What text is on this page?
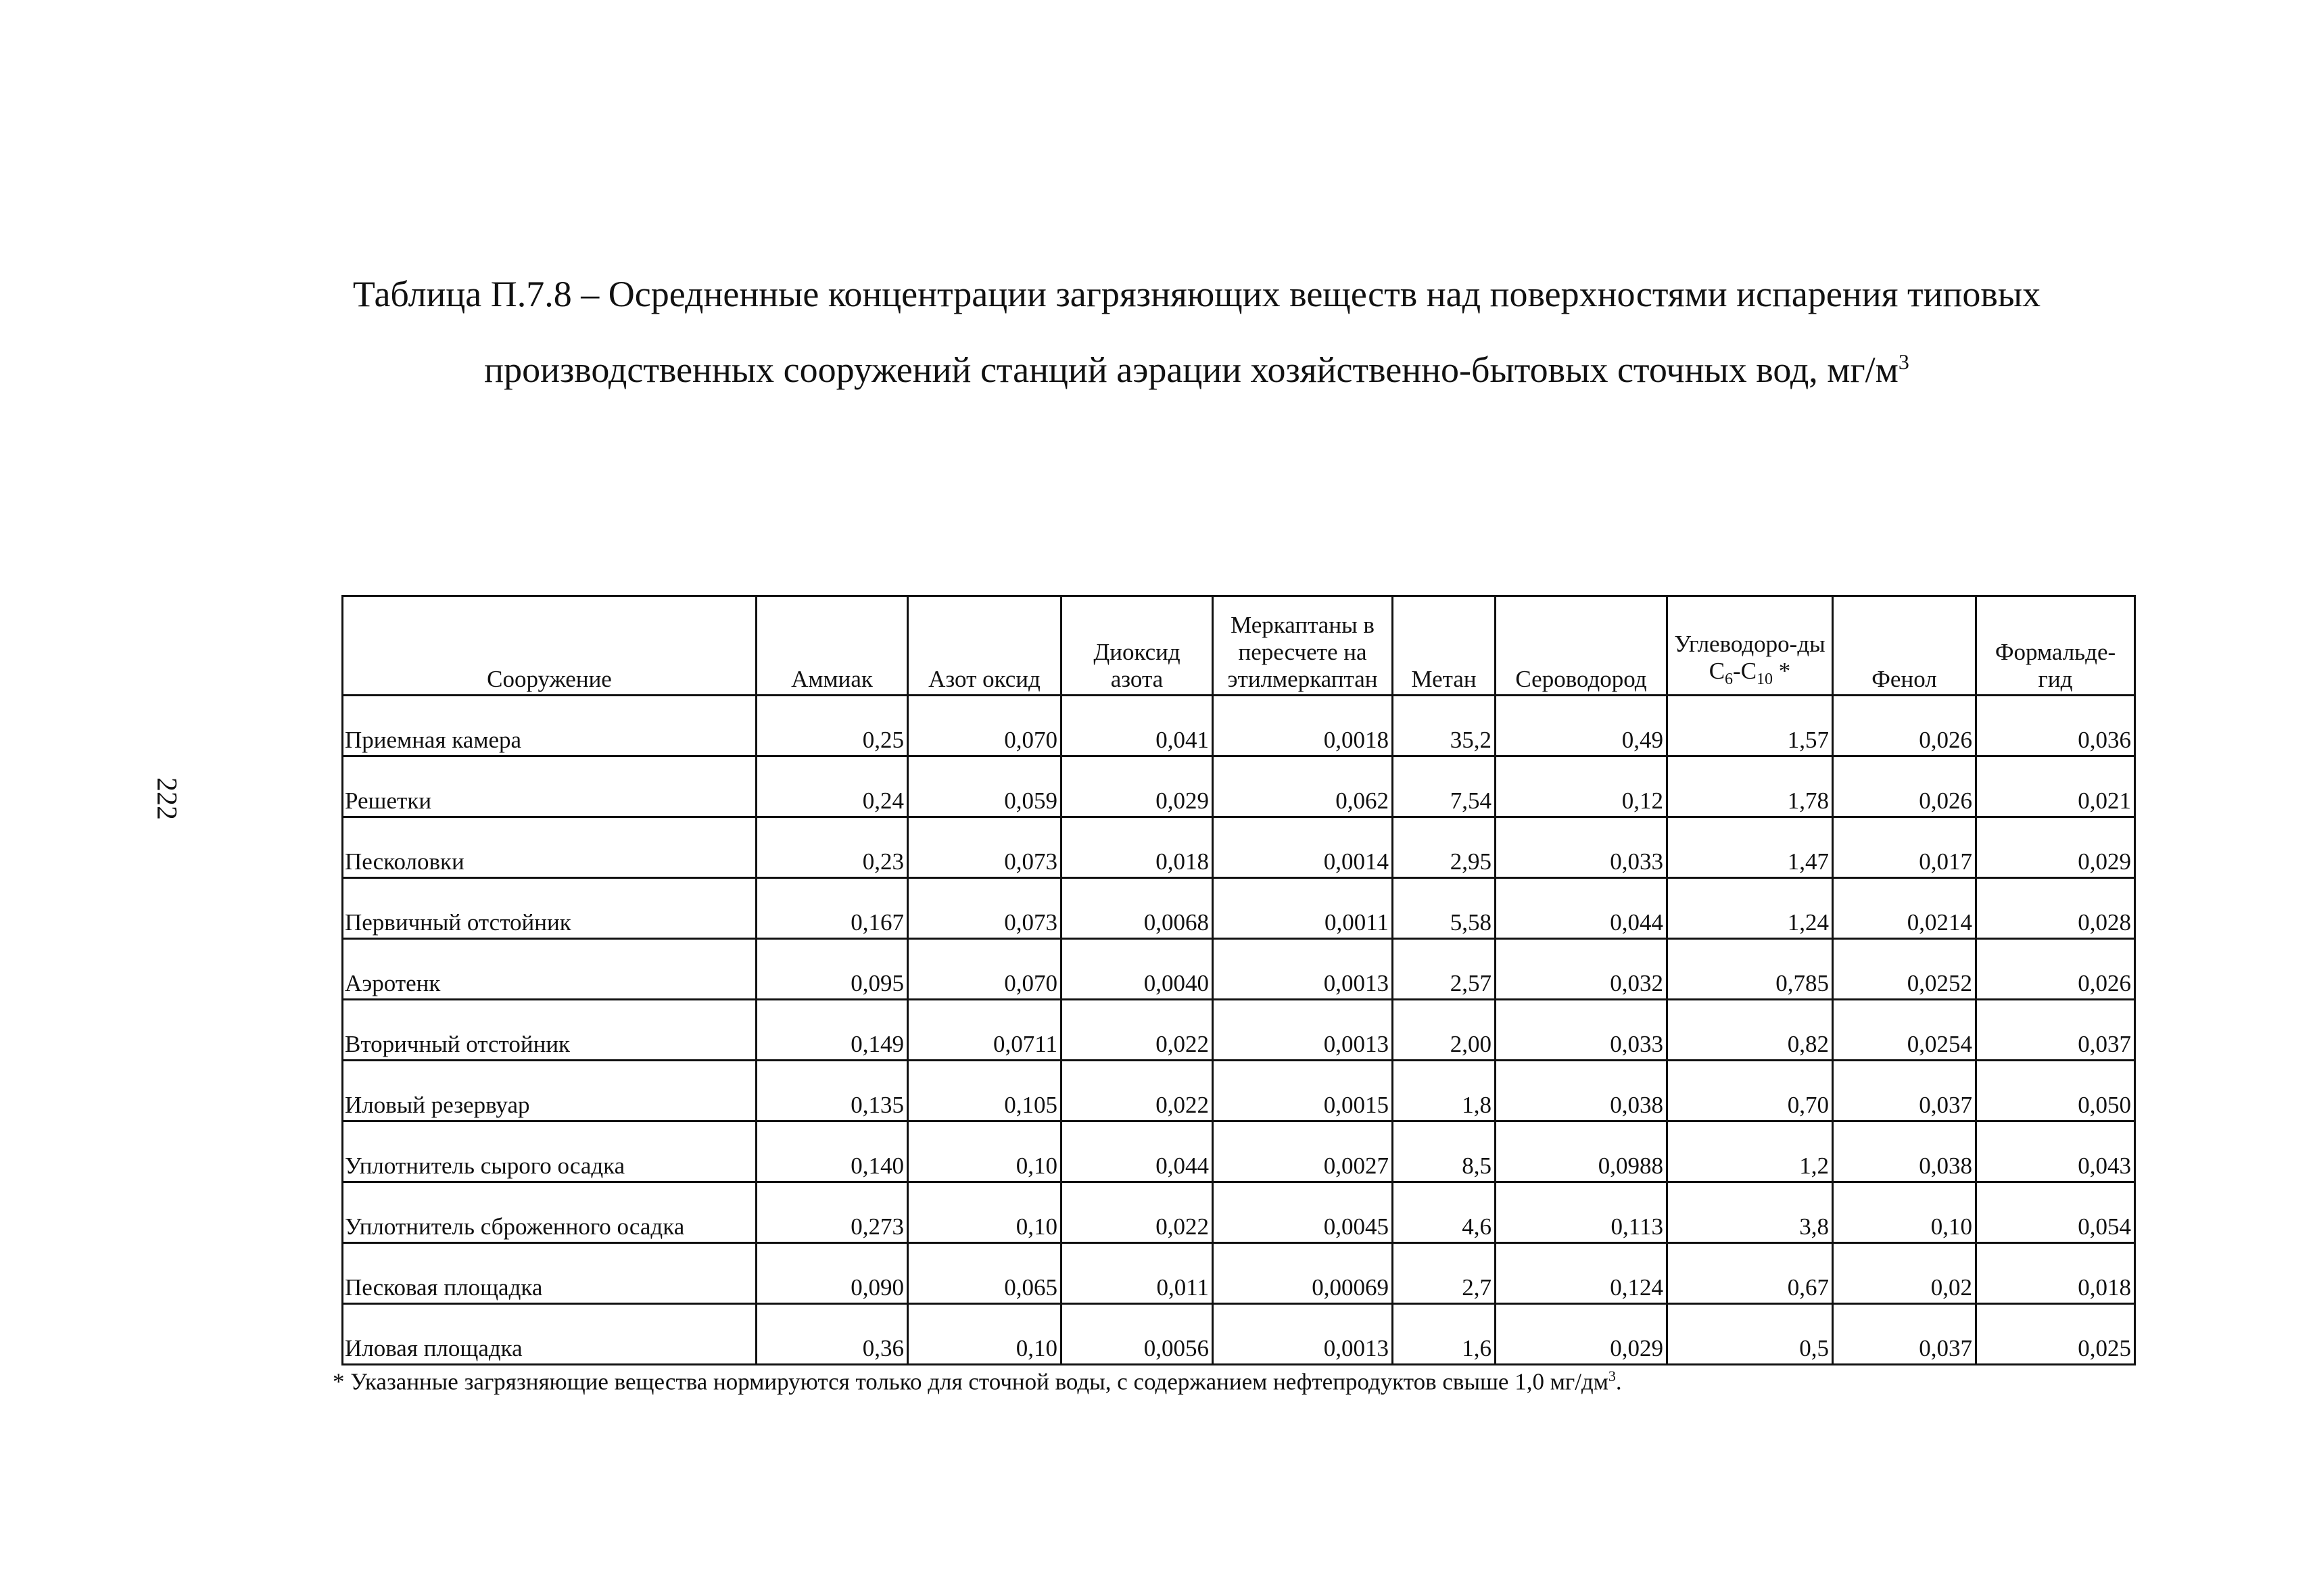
222
Таблица П.7.8 – Осредненные концентрации загрязняющих веществ над поверхностями испарения типовых
производственных сооружений станций аэрации хозяйственно-бытовых сточных вод, $мг/м^3$
Сооружение	Аммиак	Азот оксид	Диоксид азота	Меркаптаны в пересчете на этилмеркаптан	Метан	Сероводород	Углеводоро-ды $С_6-С_{10}$ *	Фенол	Формальде-гид
Приемная камера	0,25	0,070	0,041	0,0018	35,2	0,49	1,57	0,026	0,036
Решетки	0,24	0,059	0,029	0,062	7,54	0,12	1,78	0,026	0,021
Песколовки	0,23	0,073	0,018	0,0014	2,95	0,033	1,47	0,017	0,029
Первичный отстойник	0,167	0,073	0,0068	0,0011	5,58	0,044	1,24	0,0214	0,028
Аэротенк	0,095	0,070	0,0040	0,0013	2,57	0,032	0,785	0,0252	0,026
Вторичный отстойник	0,149	0,0711	0,022	0,0013	2,00	0,033	0,82	0,0254	0,037
Иловый резервуар	0,135	0,105	0,022	0,0015	1,8	0,038	0,70	0,037	0,050
Уплотнитель сырого осадка	0,140	0,10	0,044	0,0027	8,5	0,0988	1,2	0,038	0,043
Уплотнитель сброженного осадка	0,273	0,10	0,022	0,0045	4,6	0,113	3,8	0,10	0,054
Песковая площадка	0,090	0,065	0,011	0,00069	2,7	0,124	0,67	0,02	0,018
Иловая площадка	0,36	0,10	0,0056	0,0013	1,6	0,029	0,5	0,037	0,025
* Указанные загрязняющие вещества нормируются только для сточной воды, с содержанием нефтепродуктов свыше 1,0 $мг/дм^3$.
